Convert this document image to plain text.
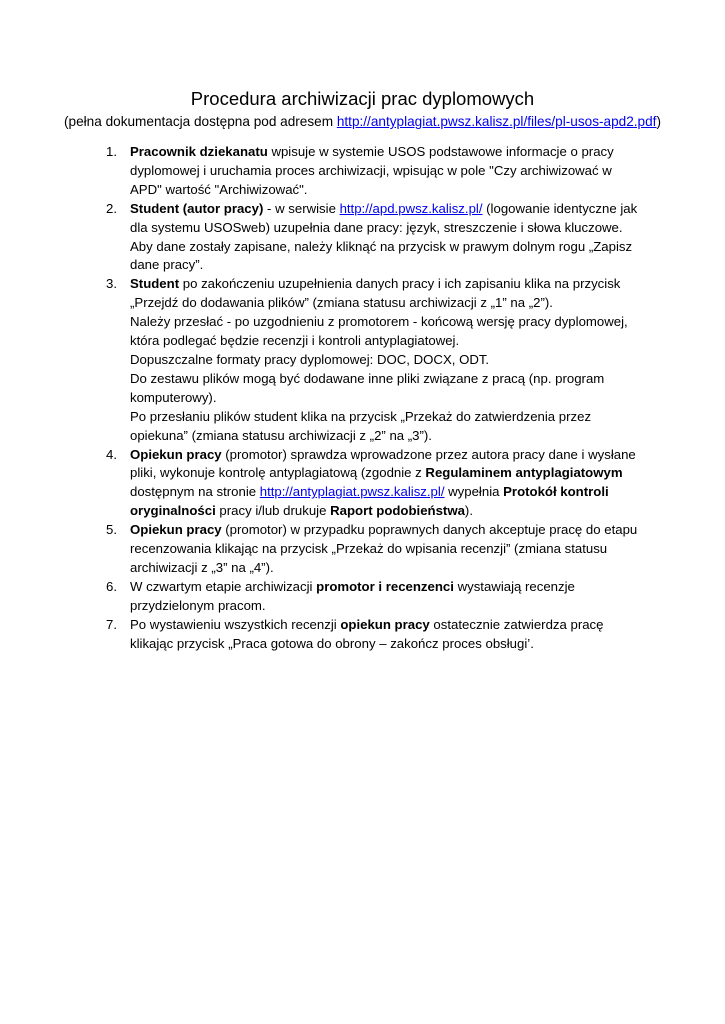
Procedura archiwizacji prac dyplomowych
(pełna dokumentacja dostępna pod adresem http://antyplagiat.pwsz.kalisz.pl/files/pl-usos-apd2.pdf)
1. Pracownik dziekanatu wpisuje w systemie USOS podstawowe informacje o pracy dyplomowej i uruchamia proces archiwizacji, wpisując w pole "Czy archiwizować w APD" wartość "Archiwizować".
2. Student (autor pracy) - w serwisie http://apd.pwsz.kalisz.pl/ (logowanie identyczne jak dla systemu USOSweb) uzupełnia dane pracy: język, streszczenie i słowa kluczowe.
Aby dane zostały zapisane, należy kliknąć na przycisk w prawym dolnym rogu „Zapisz dane pracy”.
3. Student po zakończeniu uzupełnienia danych pracy i ich zapisaniu klika na przycisk „Przejdź do dodawania plików” (zmiana statusu archiwizacji z „1” na „2”).
Należy przesłać - po uzgodnieniu z promotorem - końcową wersję pracy dyplomowej, która podlegać będzie recenzji i kontroli antyplagiatowej.
Dopuszczalne formaty pracy dyplomowej: DOC, DOCX, ODT.
Do zestawu plików mogą być dodawane inne pliki związane z pracą (np. program komputerowy).
Po przesłaniu plików student klika na przycisk „Przekaż do zatwierdzenia przez opiekuna” (zmiana statusu archiwizacji z „2” na „3”).
4. Opiekun pracy (promotor) sprawdza wprowadzone przez autora pracy dane i wysłane pliki, wykonuje kontrolę antyplagiatową (zgodnie z Regulaminem antyplagiatowym dostępnym na stronie http://antyplagiat.pwsz.kalisz.pl/ wypełnia Protokół kontroli oryginalności pracy i/lub drukuje Raport podobieństwa).
5. Opiekun pracy (promotor) w przypadku poprawnych danych akceptuje pracę do etapu recenzowania klikając na przycisk „Przekaż do wpisania recenzji” (zmiana statusu archiwizacji z „3” na „4”).
6. W czwartym etapie archiwizacji promotor i recenzenci wystawiają recenzje przydzielonym pracom.
7. Po wystawieniu wszystkich recenzji opiekun pracy ostatecznie zatwierdza pracę klikając przycisk „Praca gotowa do obrony – zakończ proces obsługi’.
